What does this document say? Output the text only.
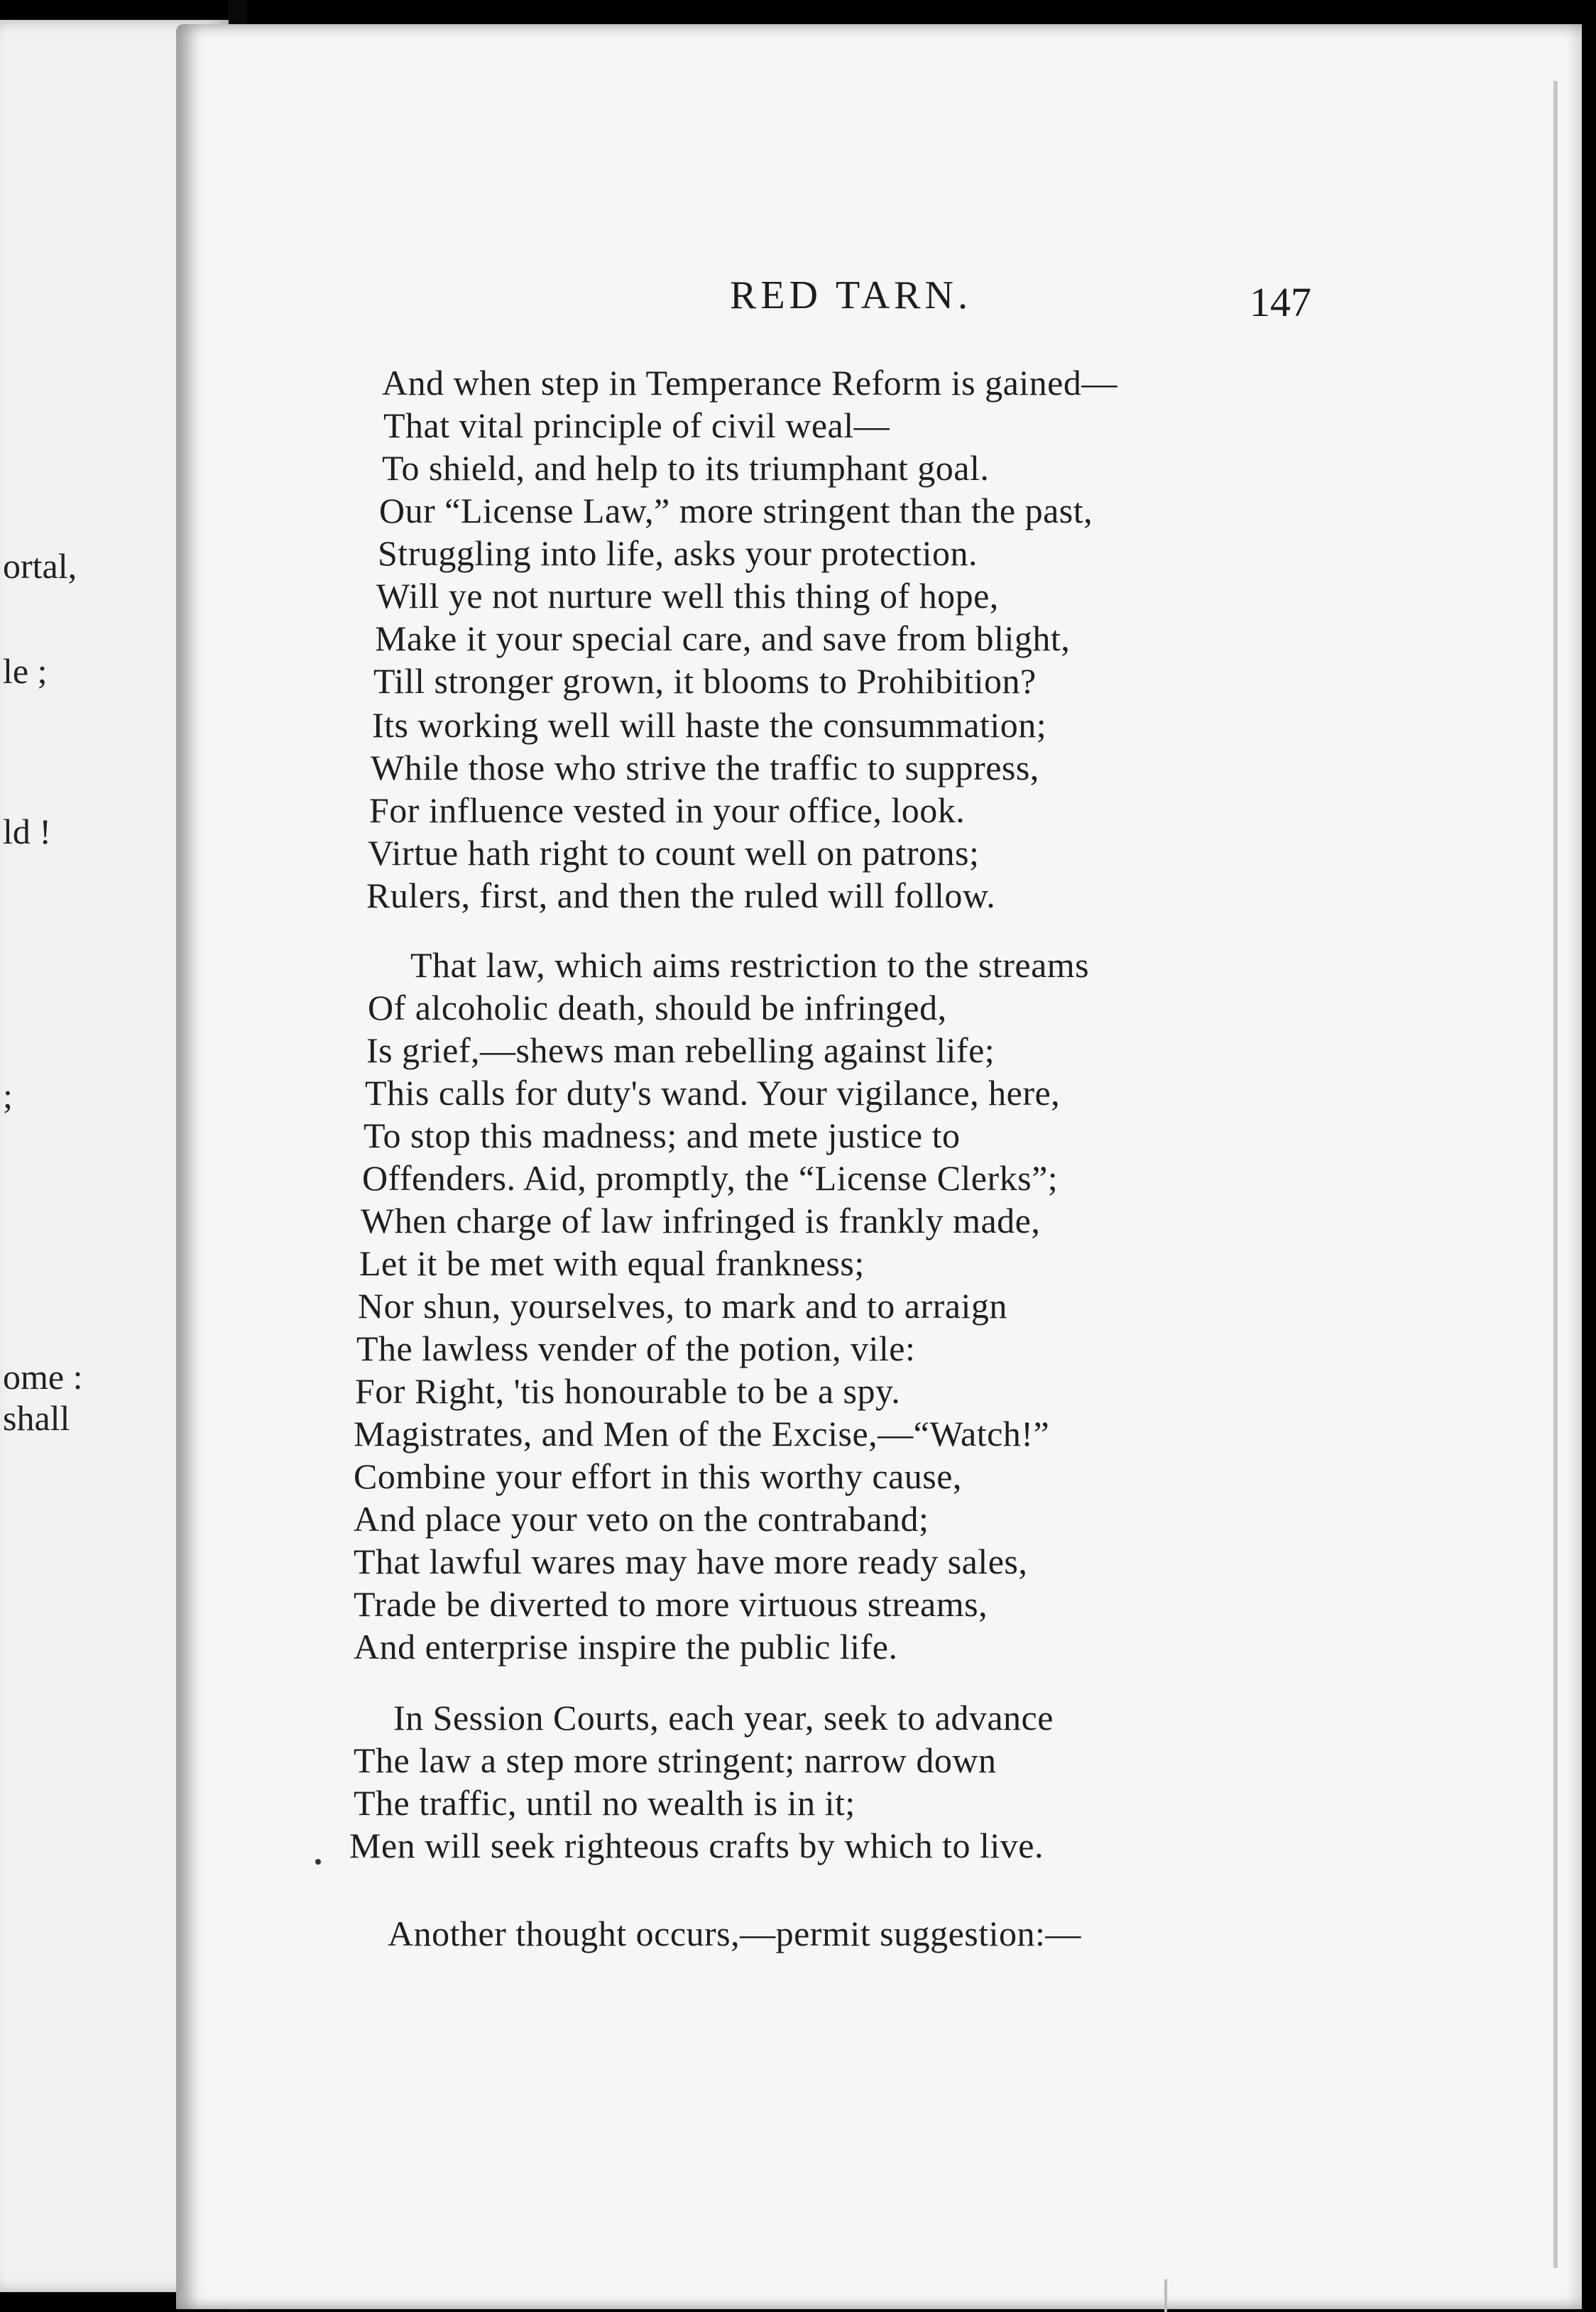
ortal,
le ;
ld !
;
ome :
shall
RED TARN.	147
And when step in Temperance Reform is gained—
That vital principle of civil weal—
To shield, and help to its triumphant goal.
Our “License Law,” more stringent than the past,
Struggling into life, asks your protection.
Will ye not nurture well this thing of hope,
Make it your special care, and save from blight,
Till stronger grown, it blooms to Prohibition?
Its working well will haste the consummation;
While those who strive the traffic to suppress,
For influence vested in your office, look.
Virtue hath right to count well on patrons;
Rulers, first, and then the ruled will follow.
That law, which aims restriction to the streams
Of alcoholic death, should be infringed,
Is grief,—shews man rebelling against life;
This calls for duty's wand. Your vigilance, here,
To stop this madness; and mete justice to
Offenders. Aid, promptly, the “License Clerks”;
When charge of law infringed is frankly made,
Let it be met with equal frankness;
Nor shun, yourselves, to mark and to arraign
The lawless vender of the potion, vile:
For Right, 'tis honourable to be a spy.
Magistrates, and Men of the Excise,—“Watch!”
Combine your effort in this worthy cause,
And place your veto on the contraband;
That lawful wares may have more ready sales,
Trade be diverted to more virtuous streams,
And enterprise inspire the public life.
In Session Courts, each year, seek to advance
The law a step more stringent; narrow down
The traffic, until no wealth is in it;
Men will seek righteous crafts by which to live.
Another thought occurs,—permit suggestion:—
